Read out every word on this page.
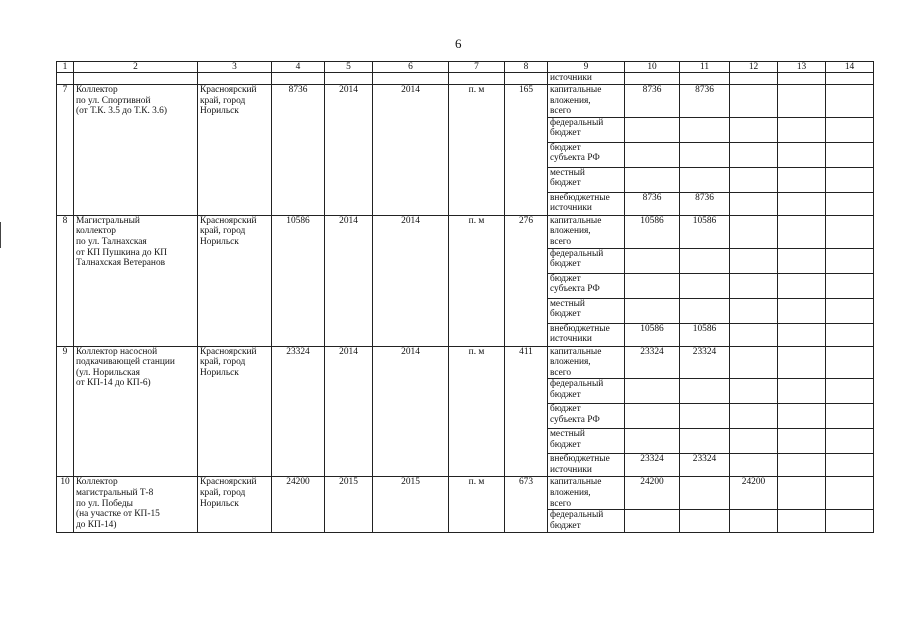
6
1	2	3	4	5	6	7	8	9	10	11	12	13	14
								источники					
7	Коллектор
по ул. Спортивной
(от Т.К. 3.5 до Т.К. 3.6)	Красноярский
край, город
Норильск	8736	2014	2014	п. м	165	капитальные
вложения,
всего	8736	8736			

								федеральный
бюджет					

								бюджет
субъекта РФ					

								местный
бюджет					

								внебюджетные
источники	8736	8736			
8	Магистральный
коллектор
по ул. Талнахская
от КП Пушкина до КП
Талнахская Ветеранов	Красноярский
край, город
Норильск	10586	2014	2014	п. м	276	капитальные
вложения,
всего	10586	10586			

								федеральный
бюджет					

								бюджет
субъекта РФ					

								местный
бюджет					

								внебюджетные
источники	10586	10586			
9	Коллектор насосной
подкачивающей станции
(ул. Норильская
от КП-14 до КП-6)	Красноярский
край, город
Норильск	23324	2014	2014	п. м	411	капитальные
вложения,
всего	23324	23324			

								федеральный
бюджет					

								бюджет
субъекта РФ					

								местный
бюджет					

								внебюджетные
источники	23324	23324			
10	Коллектор
магистральный Т-8
по ул. Победы
(на участке от КП-15
до КП-14)	Красноярский
край, город
Норильск	24200	2015	2015	п. м	673	капитальные
вложения,
всего	24200		24200		

								федеральный
бюджет					
